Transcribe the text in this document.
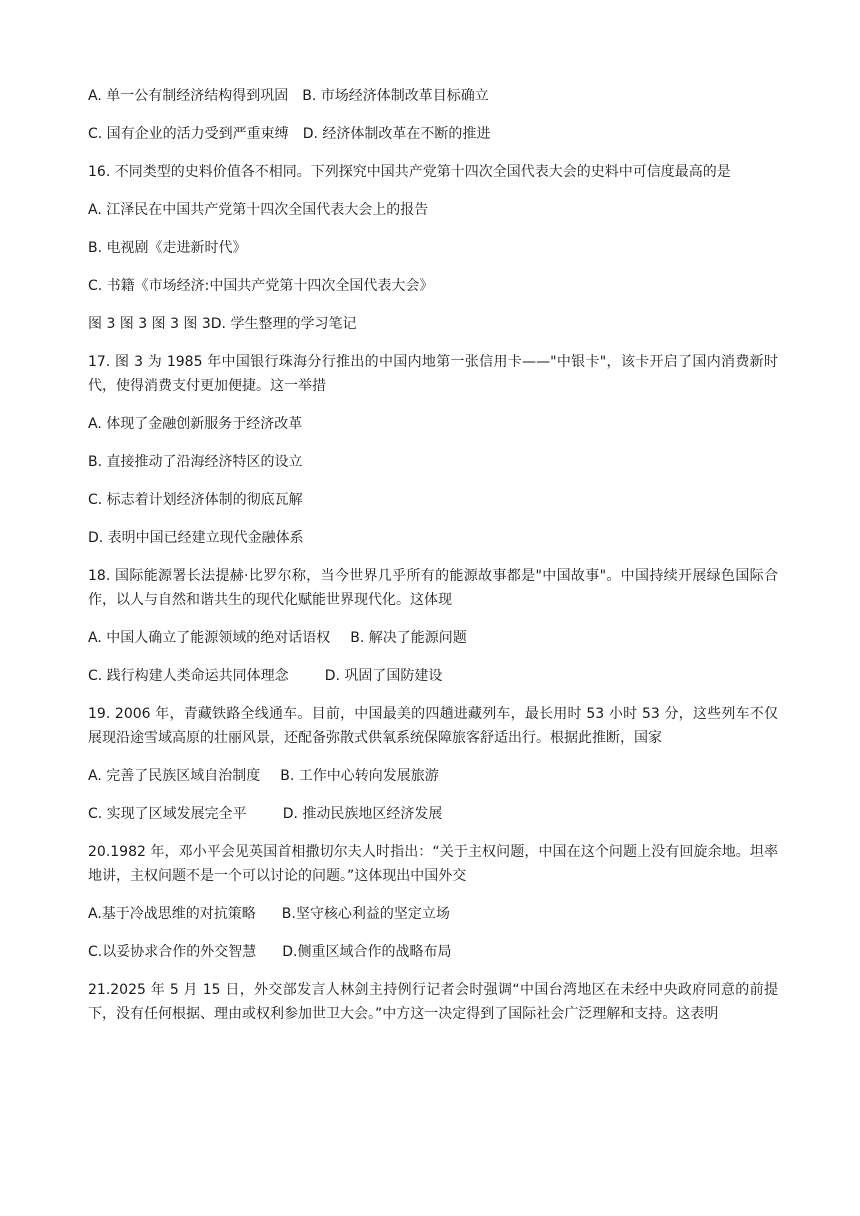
A. 单一公有制经济结构得到巩固 B. 市场经济体制改革目标确立
C. 国有企业的活力受到严重束缚 D. 经济体制改革在不断的推进
16. 不同类型的史料价值各不相同。下列探究中国共产党第十四次全国代表大会的史料中可信度最高的是
A. 江泽民在中国共产党第十四次全国代表大会上的报告
B. 电视剧《走进新时代》
C. 书籍《市场经济:中国共产党第十四次全国代表大会》
图 3 图 3 图 3 图 3D. 学生整理的学习笔记
17. 图 3 为 1985 年中国银行珠海分行推出的中国内地第一张信用卡——"中银卡"，该卡开启了国内消费新时代，使得消费支付更加便捷。这一举措
A. 体现了金融创新服务于经济改革
B. 直接推动了沿海经济特区的设立
C. 标志着计划经济体制的彻底瓦解
D. 表明中国已经建立现代金融体系
18. 国际能源署长法提赫·比罗尔称，当今世界几乎所有的能源故事都是"中国故事"。中国持续开展绿色国际合作，以人与自然和谐共生的现代化赋能世界现代化。这体现
A. 中国人确立了能源领域的绝对话语权 B. 解决了能源问题
C. 践行构建人类命运共同体理念	D. 巩固了国防建设
19. 2006 年，青藏铁路全线通车。目前，中国最美的四趟进藏列车，最长用时 53 小时 53 分，这些列车不仅展现沿途雪域高原的壮丽风景，还配备弥散式供氧系统保障旅客舒适出行。根据此推断，国家
A. 完善了民族区域自治制度 B. 工作中心转向发展旅游
C. 实现了区域发展完全平	D. 推动民族地区经济发展
20.1982 年，邓小平会见英国首相撒切尔夫人时指出：“关于主权问题，中国在这个问题上没有回旋余地。坦率地讲，主权问题不是一个可以讨论的问题。”这体现出中国外交
A.基于冷战思维的对抗策略 B.坚守核心利益的坚定立场
C.以妥协求合作的外交智慧 D.侧重区域合作的战略布局
21.2025 年 5 月 15 日，外交部发言人林剑主持例行记者会时强调“中国台湾地区在未经中央政府同意的前提下，没有任何根据、理由或权利参加世卫大会。”中方这一决定得到了国际社会广泛理解和支持。这表明
